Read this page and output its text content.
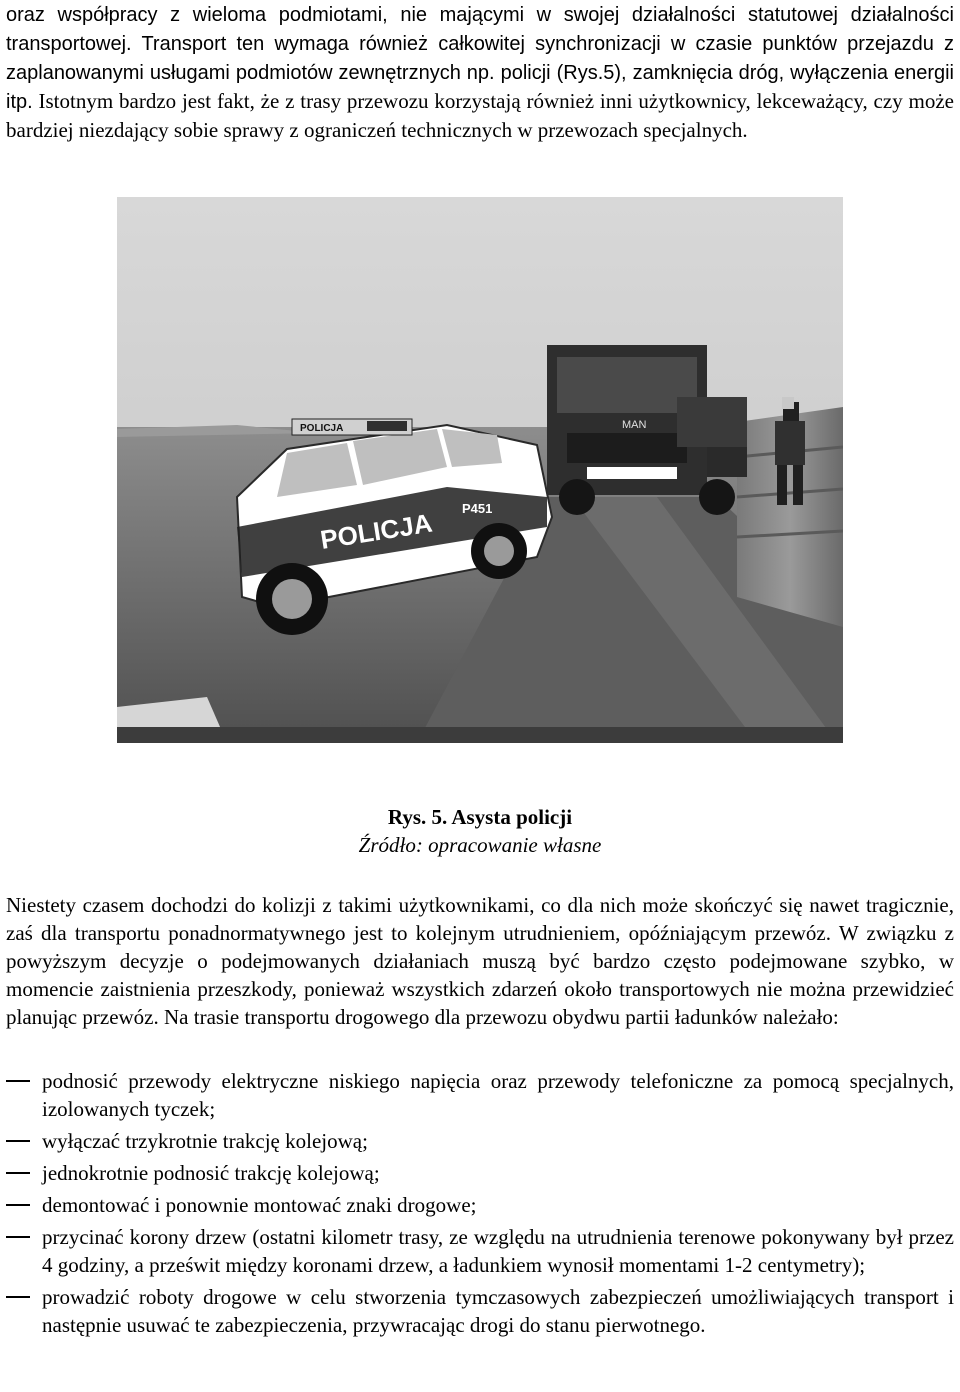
oraz współpracy z wieloma podmiotami, nie mającymi w swojej działalności statutowej działalności transportowej. Transport ten wymaga również całkowitej synchronizacji w czasie punktów przejazdu z zaplanowanymi usługami podmiotów zewnętrznych np. policji (Rys.5), zamknięcia dróg, wyłączenia energii itp. Istotnym bardzo jest fakt, że z trasy przewozu korzystają również inni użytkownicy, lekceważący, czy może bardziej niezdający sobie sprawy z ograniczeń technicznych w przewozach specjalnych.

MAN
POLICJA P451
POLICJA

Rys. 5. Asysta policji

Źródło: opracowanie własne

Niestety czasem dochodzi do kolizji z takimi użytkownikami, co dla nich może skończyć się nawet tragicznie, zaś dla transportu ponadnormatywnego jest to kolejnym utrudnieniem, opóźniającym przewóz. W związku z powyższym decyzje o podejmowanych działaniach muszą być bardzo często podejmowane szybko, w momencie zaistnienia przeszkody, ponieważ wszystkich zdarzeń około transportowych nie można przewidzieć planując przewóz. Na trasie transportu drogowego dla przewozu obydwu partii ładunków należało:

podnosić przewody elektryczne niskiego napięcia oraz przewody telefoniczne za pomocą specjalnych, izolowanych tyczek;
wyłączać trzykrotnie trakcję kolejową;
jednokrotnie podnosić trakcję kolejową;
demontować i ponownie montować znaki drogowe;
przycinać korony drzew (ostatni kilometr trasy, ze względu na utrudnienia terenowe pokonywany był przez 4 godziny, a prześwit między koronami drzew, a ładunkiem wynosił momentami 1-2 centymetry);
prowadzić roboty drogowe w celu stworzenia tymczasowych zabezpieczeń umożliwiających transport i następnie usuwać te zabezpieczenia, przywracając drogi do stanu pierwotnego.
